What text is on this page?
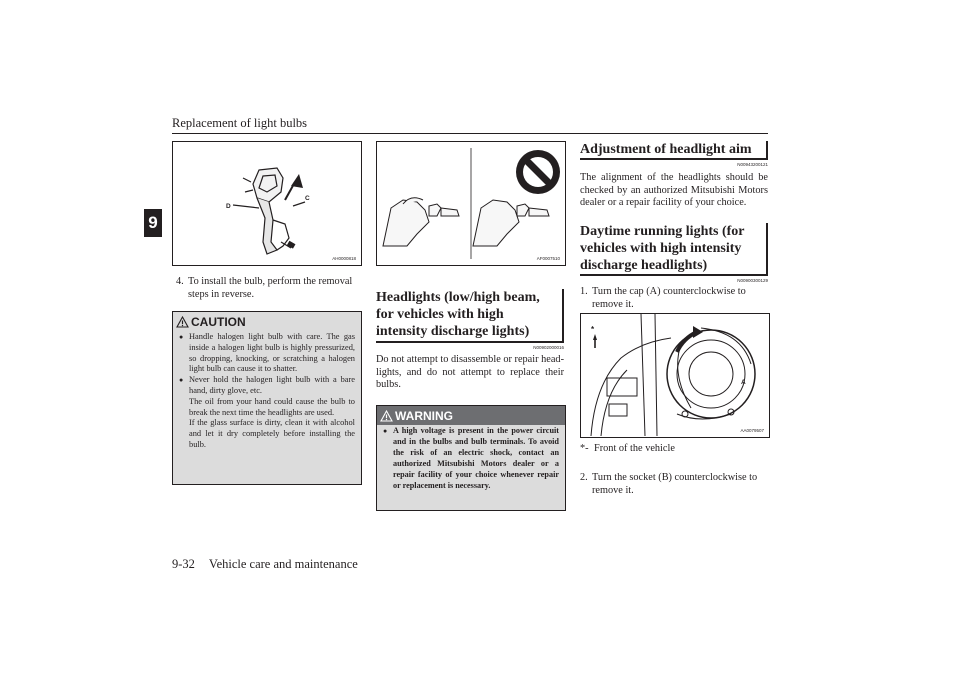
Replacement of light bulbs
9
D
C
AH0000818
4. To install the bulb, perform the removal
steps in reverse.
CAUTION
● Handle halogen light bulb with care. The gas inside a halogen light bulb is highly pressurized, so dropping, knocking, or scratching a halogen light bulb can cause it to shatter.
● Never hold the halogen light bulb with a bare hand, dirty glove, etc.
The oil from your hand could cause the bulb to break the next time the headlights are used.
If the glass surface is dirty, clean it with alcohol and let it dry completely before installing the bulb.
AF0007510
Headlights (low/high beam, for vehicles with high intensity discharge lights)
N00902000016
Do not attempt to disassemble or repair headlights, and do not attempt to replace their bulbs.
WARNING
● A high voltage is present in the power circuit and in the bulbs and bulb terminals. To avoid the risk of an electric shock, contact an authorized Mitsubishi Motors dealer or a repair facility of your choice whenever repair or replacement is necessary.
Adjustment of headlight aim
N00943200121
The alignment of the headlights should be checked by an authorized Mitsubishi Motors dealer or a repair facility of your choice.
Daytime running lights (for vehicles with high intensity discharge headlights)
N00900300129
1. Turn the cap (A) counterclockwise to
remove it.
*
A
AA0079507
*- Front of the vehicle
2. Turn the socket (B) counterclockwise to
remove it.
9-32 Vehicle care and maintenance
